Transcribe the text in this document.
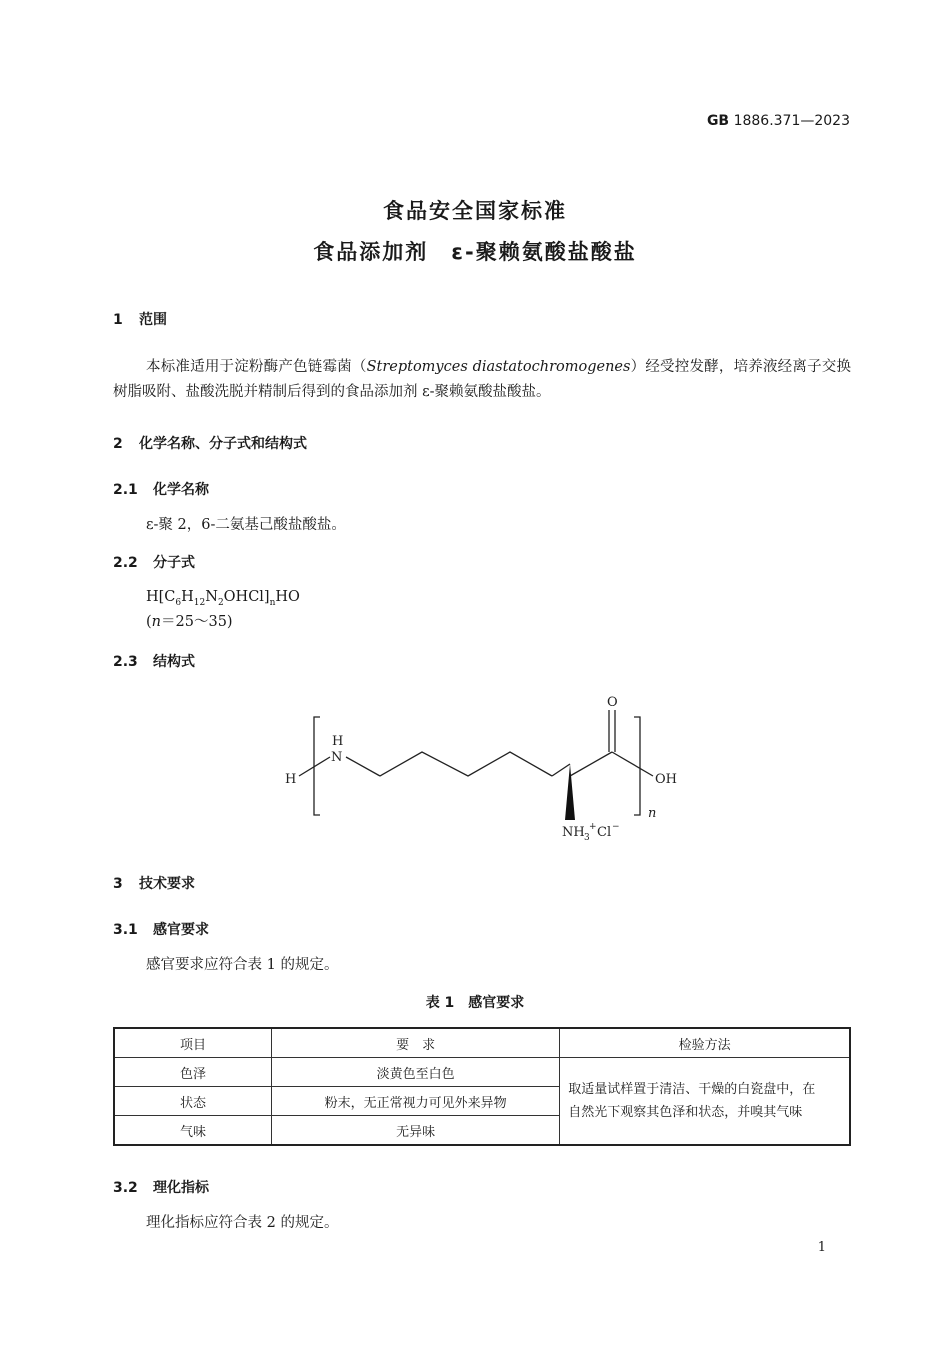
GB 1886.371—2023
食品安全国家标准
食品添加剂　 ε-聚赖氨酸盐酸盐
1 范围
本标准适用于淀粉酶产色链霉菌（Streptomyces diastatochromogenes）经受控发酵，培养液经离子交换树脂吸附、盐酸洗脱并精制后得到的食品添加剂 ε-聚赖氨酸盐酸盐。
2 化学名称、分子式和结构式
2.1 化学名称
ε-聚 2，6-二氨基己酸盐酸盐。
2.2 分子式
$H[C_6H_{12}N_2OHCl]_nHO$
(n＝25～35)
2.3 结构式
H
H
N
O
OH
NH 3
+ Cl −
n
3 技术要求
3.1 感官要求
感官要求应符合表 1 的规定。
表 1　感官要求
项目	要　求	检验方法
色泽	淡黄色至白色	取适量试样置于清洁、干燥的白瓷盘中，在
自然光下观察其色泽和状态，并嗅其气味

状态	粉末，无正常视力可见外来异物	
气味	无异味	
3.2 理化指标
理化指标应符合表 2 的规定。
1
